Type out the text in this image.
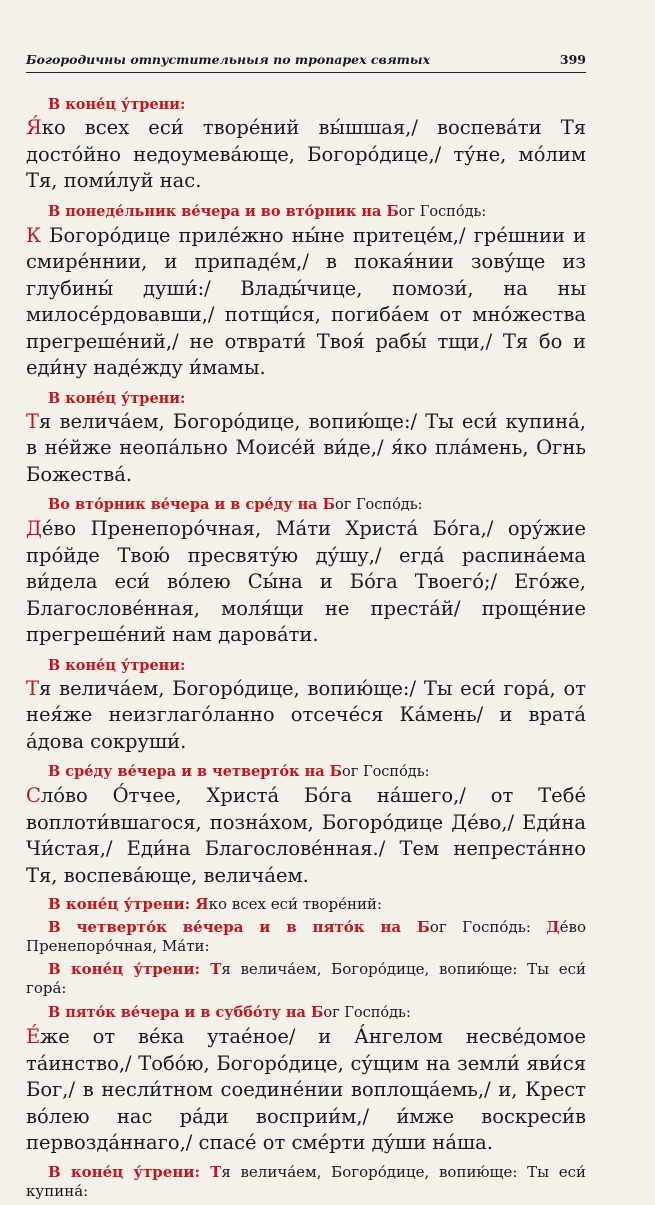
Богородичны отпустительныя по тропарех святых	399
В коне́ц у́трени:
Я́ко всех еси́ творе́ний вы́шшая,/ воспева́ти Тя досто́йно недоумева́юще, Богоро́дице,/ ту́не, мо́лим Тя, поми́луй нас.
В понеде́льник ве́чера и во вто́рник на Бог Госпо́дь:
К Богоро́дице приле́жно ны́не притеце́м,/ гре́шнии и смире́ннии, и припаде́м,/ в покая́нии зову́ще из глубины́ души́:/ Влады́чице, помози́, на ны милосе́рдовавши,/ потщи́ся, погиба́ем от мно́жества прегреше́ний,/ не отврати́ Твоя́ рабы́ тщи,/ Тя бо и еди́ну наде́жду и́мамы.
В коне́ц у́трени:
Тя велича́ем, Богоро́дице, вопию́ще:/ Ты еси́ купина́, в не́йже неопа́льно Моисе́й ви́де,/ я́ко пла́мень, Огнь Божества́.
Во вто́рник ве́чера и в сре́ду на Бог Госпо́дь:
Де́во Пренепоро́чная, Ма́ти Христа́ Бо́га,/ ору́жие про́йде Твою́ пресвяту́ю ду́шу,/ егда́ распина́ема ви́дела еси́ во́лею Сы́на и Бо́га Твоего́;/ Его́же, Благослове́нная, моля́щи не преста́й/ проще́ние прегреше́ний нам дарова́ти.
В коне́ц у́трени:
Тя велича́ем, Богоро́дице, вопию́ще:/ Ты еси́ гора́, от нея́же неизглаго́ланно отсече́ся Ка́мень/ и врата́ а́дова сокруши́.
В сре́ду ве́чера и в четверто́к на Бог Госпо́дь:
Сло́во О́тчее, Христа́ Бо́га на́шего,/ от Тебе́ воплоти́вшагося, позна́хом, Богоро́дице Де́во,/ Еди́на Чи́стая,/ Еди́на Благослове́нная./ Тем непреста́нно Тя, воспева́юще, велича́ем.
В коне́ц у́трени: Яко всех еси́ творе́ний:
В четверто́к ве́чера и в пято́к на Бог Госпо́дь: Де́во Пренепоро́чная, Ма́ти:
В коне́ц у́трени: Тя велича́ем, Богоро́дице, вопию́ще: Ты еси́ гора́:
В пято́к ве́чера и в суббо́ту на Бог Госпо́дь:
Е́же от ве́ка утае́ное/ и А́нгелом несве́домое та́инство,/ Тобо́ю, Богоро́дице, су́щим на земли́ яви́ся Бог,/ в несли́тном соедине́нии воплоща́емь,/ и, Крест во́лею нас ра́ди восприи́м,/ и́мже воскреси́в первозда́ннаго,/ спасе́ от сме́рти ду́ши на́ша.
В коне́ц у́трени: Тя велича́ем, Богоро́дице, вопию́ще: Ты еси́ купина́:
